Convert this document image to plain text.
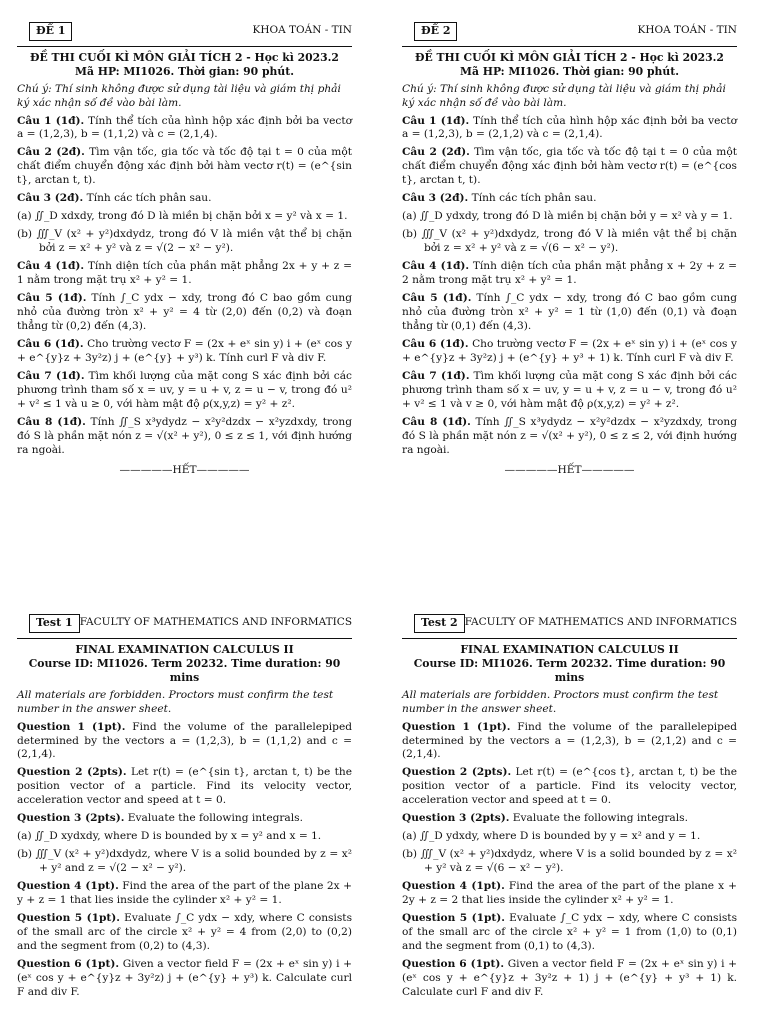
ĐỀ 1	KHOA TOÁN - TIN
ĐỀ THI CUỐI KÌ MÔN GIẢI TÍCH 2 - Học kì 2023.2
Mã HP: MI1026. Thời gian: 90 phút.
Chú ý: Thí sinh không được sử dụng tài liệu và giám thị phải ký xác nhận số đề vào bài làm.

Câu 1 (1đ). Tính thể tích của hình hộp xác định bởi ba vectơ a = (1,2,3), b = (1,1,2) và c = (2,1,4).

Câu 2 (2đ). Tìm vận tốc, gia tốc và tốc độ tại t = 0 của một chất điểm chuyển động xác định bởi hàm vectơ r(t) = (e^{sin t}, arctan t, t).

Câu 3 (2đ). Tính các tích phân sau.

(a) ∬_D xdxdy, trong đó D là miền bị chặn bởi x = y² và x = 1.

(b) ∭_V (x² + y²)dxdydz, trong đó V là miền vật thể bị chặn bởi z = x² + y² và z = √(2 − x² − y²).

Câu 4 (1đ). Tính diện tích của phần mặt phẳng 2x + y + z = 1 nằm trong mặt trụ x² + y² = 1.

Câu 5 (1đ). Tính ∫_C ydx − xdy, trong đó C bao gồm cung nhỏ của đường tròn x² + y² = 4 từ (2,0) đến (0,2) và đoạn thẳng từ (0,2) đến (4,3).

Câu 6 (1đ). Cho trường vectơ F = (2x + eˣ sin y) i + (eˣ cos y + e^{y}z + 3y²z) j + (e^{y} + y³) k. Tính curl F và div F.

Câu 7 (1đ). Tìm khối lượng của mặt cong S xác định bởi các phương trình tham số x = uv, y = u + v, z = u − v, trong đó u² + v² ≤ 1 và u ≥ 0, với hàm mật độ ρ(x,y,z) = y² + z².

Câu 8 (1đ). Tính ∬_S x³ydydz − x²y²dzdx − x²yzdxdy, trong đó S là phần mặt nón z = √(x² + y²), 0 ≤ z ≤ 1, với định hướng ra ngoài.

—————HẾT—————
ĐỀ 2	KHOA TOÁN - TIN
ĐỀ THI CUỐI KÌ MÔN GIẢI TÍCH 2 - Học kì 2023.2
Mã HP: MI1026. Thời gian: 90 phút.
Chú ý: Thí sinh không được sử dụng tài liệu và giám thị phải ký xác nhận số đề vào bài làm.

Câu 1 (1đ). Tính thể tích của hình hộp xác định bởi ba vectơ a = (1,2,3), b = (2,1,2) và c = (2,1,4).

Câu 2 (2đ). Tìm vận tốc, gia tốc và tốc độ tại t = 0 của một chất điểm chuyển động xác định bởi hàm vectơ r(t) = (e^{cos t}, arctan t, t).

Câu 3 (2đ). Tính các tích phân sau.

(a) ∬_D ydxdy, trong đó D là miền bị chặn bởi y = x² và y = 1.

(b) ∭_V (x² + y²)dxdydz, trong đó V là miền vật thể bị chặn bởi z = x² + y² và z = √(6 − x² − y²).

Câu 4 (1đ). Tính diện tích của phần mặt phẳng x + 2y + z = 2 nằm trong mặt trụ x² + y² = 1.

Câu 5 (1đ). Tính ∫_C ydx − xdy, trong đó C bao gồm cung nhỏ của đường tròn x² + y² = 1 từ (1,0) đến (0,1) và đoạn thẳng từ (0,1) đến (4,3).

Câu 6 (1đ). Cho trường vectơ F = (2x + eˣ sin y) i + (eˣ cos y + e^{y}z + 3y²z) j + (e^{y} + y³ + 1) k. Tính curl F và div F.

Câu 7 (1đ). Tìm khối lượng của mặt cong S xác định bởi các phương trình tham số x = uv, y = u + v, z = u − v, trong đó u² + v² ≤ 1 và v ≥ 0, với hàm mật độ ρ(x,y,z) = y² + z².

Câu 8 (1đ). Tính ∬_S x³ydydz − x²y²dzdx − x²yzdxdy, trong đó S là phần mặt nón z = √(x² + y²), 0 ≤ z ≤ 2, với định hướng ra ngoài.

—————HẾT—————
Test 1 FACULTY OF MATHEMATICS AND INFORMATICS
FINAL EXAMINATION CALCULUS II
Course ID: MI1026. Term 20232. Time duration: 90 mins
All materials are forbidden. Proctors must confirm the test number in the answer sheet.

Question 1 (1pt). Find the volume of the parallelepiped determined by the vectors a = (1,2,3), b = (1,1,2) and c = (2,1,4).

Question 2 (2pts). Let r(t) = (e^{sin t}, arctan t, t) be the position vector of a particle. Find its velocity vector, acceleration vector and speed at t = 0.

Question 3 (2pts). Evaluate the following integrals.

(a) ∬_D xydxdy, where D is bounded by x = y² and x = 1.

(b) ∭_V (x² + y²)dxdydz, where V is a solid bounded by z = x² + y² and z = √(2 − x² − y²).

Question 4 (1pt). Find the area of the part of the plane 2x + y + z = 1 that lies inside the cylinder x² + y² = 1.

Question 5 (1pt). Evaluate ∫_C ydx − xdy, where C consists of the small arc of the circle x² + y² = 4 from (2,0) to (0,2) and the segment from (0,2) to (4,3).

Question 6 (1pt). Given a vector field F = (2x + eˣ sin y) i + (eˣ cos y + e^{y}z + 3y²z) j + (e^{y} + y³) k. Calculate curl F and div F.

Test 2 FACULTY OF MATHEMATICS AND INFORMATICS
FINAL EXAMINATION CALCULUS II
Course ID: MI1026. Term 20232. Time duration: 90 mins
All materials are forbidden. Proctors must confirm the test number in the answer sheet.

Question 1 (1pt). Find the volume of the parallelepiped determined by the vectors a = (1,2,3), b = (2,1,2) and c = (2,1,4).

Question 2 (2pts). Let r(t) = (e^{cos t}, arctan t, t) be the position vector of a particle. Find its velocity vector, acceleration vector and speed at t = 0.

Question 3 (2pts). Evaluate the following integrals.

(a) ∬_D ydxdy, where D is bounded by y = x² and y = 1.

(b) ∭_V (x² + y²)dxdydz, where V is a solid bounded by z = x² + y² và z = √(6 − x² − y²).

Question 4 (1pt). Find the area of the part of the plane x + 2y + z = 2 that lies inside the cylinder x² + y² = 1.

Question 5 (1pt). Evaluate ∫_C ydx − xdy, where C consists of the small arc of the circle x² + y² = 1 from (1,0) to (0,1) and the segment from (0,1) to (4,3).

Question 6 (1pt). Given a vector field F = (2x + eˣ sin y) i + (eˣ cos y + e^{y}z + 3y²z + 1) j + (e^{y} + y³ + 1) k. Calculate curl F and div F.
